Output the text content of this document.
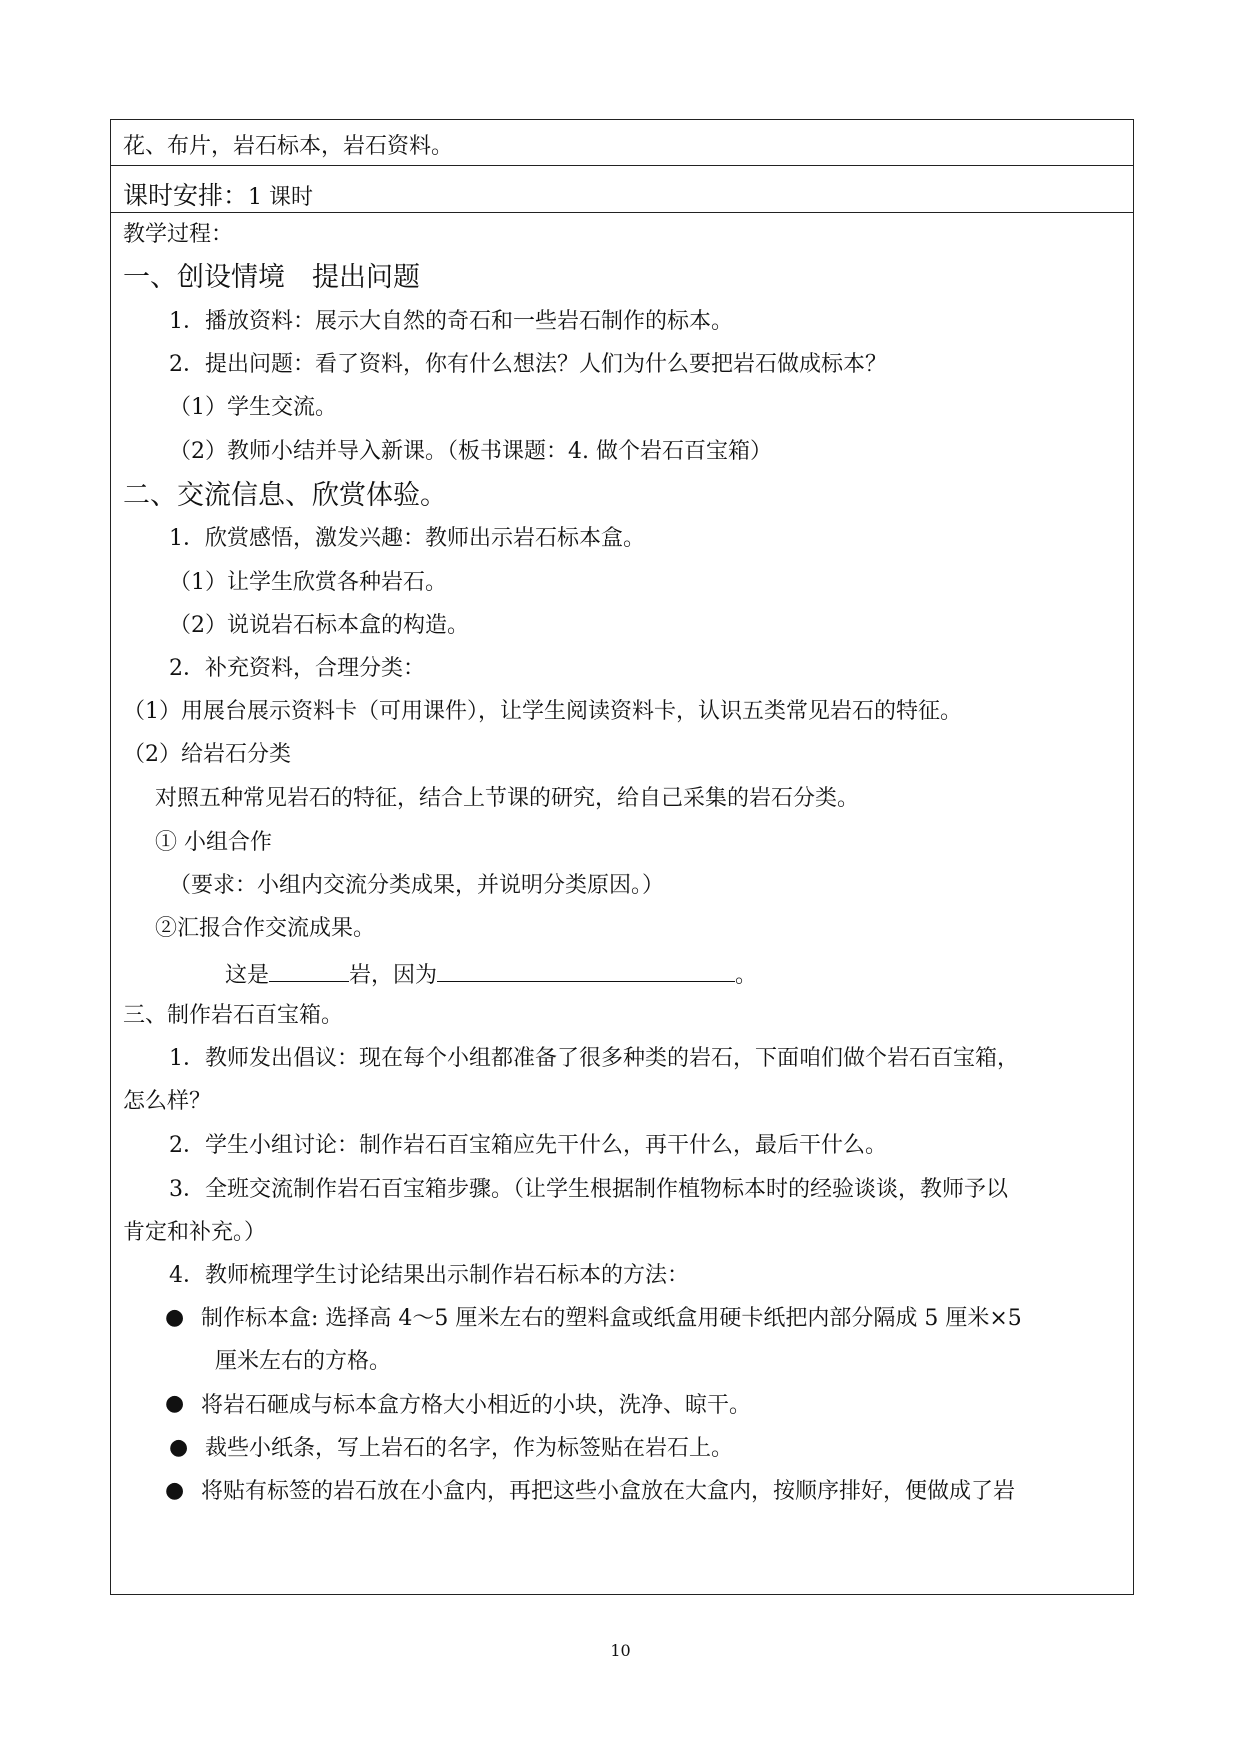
花、布片，岩石标本，岩石资料。
课时安排：1 课时
教学过程：
一、创设情境　提出问题
1．播放资料：展示大自然的奇石和一些岩石制作的标本。
2．提出问题：看了资料，你有什么想法？人们为什么要把岩石做成标本？
（1）学生交流。
（2）教师小结并导入新课。（板书课题：4. 做个岩石百宝箱）
二、交流信息、欣赏体验。
1．欣赏感悟，激发兴趣：教师出示岩石标本盒。
（1）让学生欣赏各种岩石。
（2）说说岩石标本盒的构造。
2．补充资料，合理分类：
（1）用展台展示资料卡（可用课件），让学生阅读资料卡，认识五类常见岩石的特征。
（2）给岩石分类
对照五种常见岩石的特征，结合上节课的研究，给自己采集的岩石分类。
① 小组合作
（要求：小组内交流分类成果，并说明分类原因。）
②汇报合作交流成果。
这是	岩，因为	。
三、制作岩石百宝箱。
1．教师发出倡议：现在每个小组都准备了很多种类的岩石，下面咱们做个岩石百宝箱，
怎么样？
2．学生小组讨论：制作岩石百宝箱应先干什么，再干什么，最后干什么。
3．全班交流制作岩石百宝箱步骤。（让学生根据制作植物标本时的经验谈谈，教师予以
肯定和补充。）
4．教师梳理学生讨论结果出示制作岩石标本的方法：
● 制作标本盒: 选择高 4～5 厘米左右的塑料盒或纸盒用硬卡纸把内部分隔成 5 厘米×5
厘米左右的方格。
● 将岩石砸成与标本盒方格大小相近的小块，洗净、晾干。
● 裁些小纸条，写上岩石的名字，作为标签贴在岩石上。
● 将贴有标签的岩石放在小盒内，再把这些小盒放在大盒内，按顺序排好，便做成了岩
10
